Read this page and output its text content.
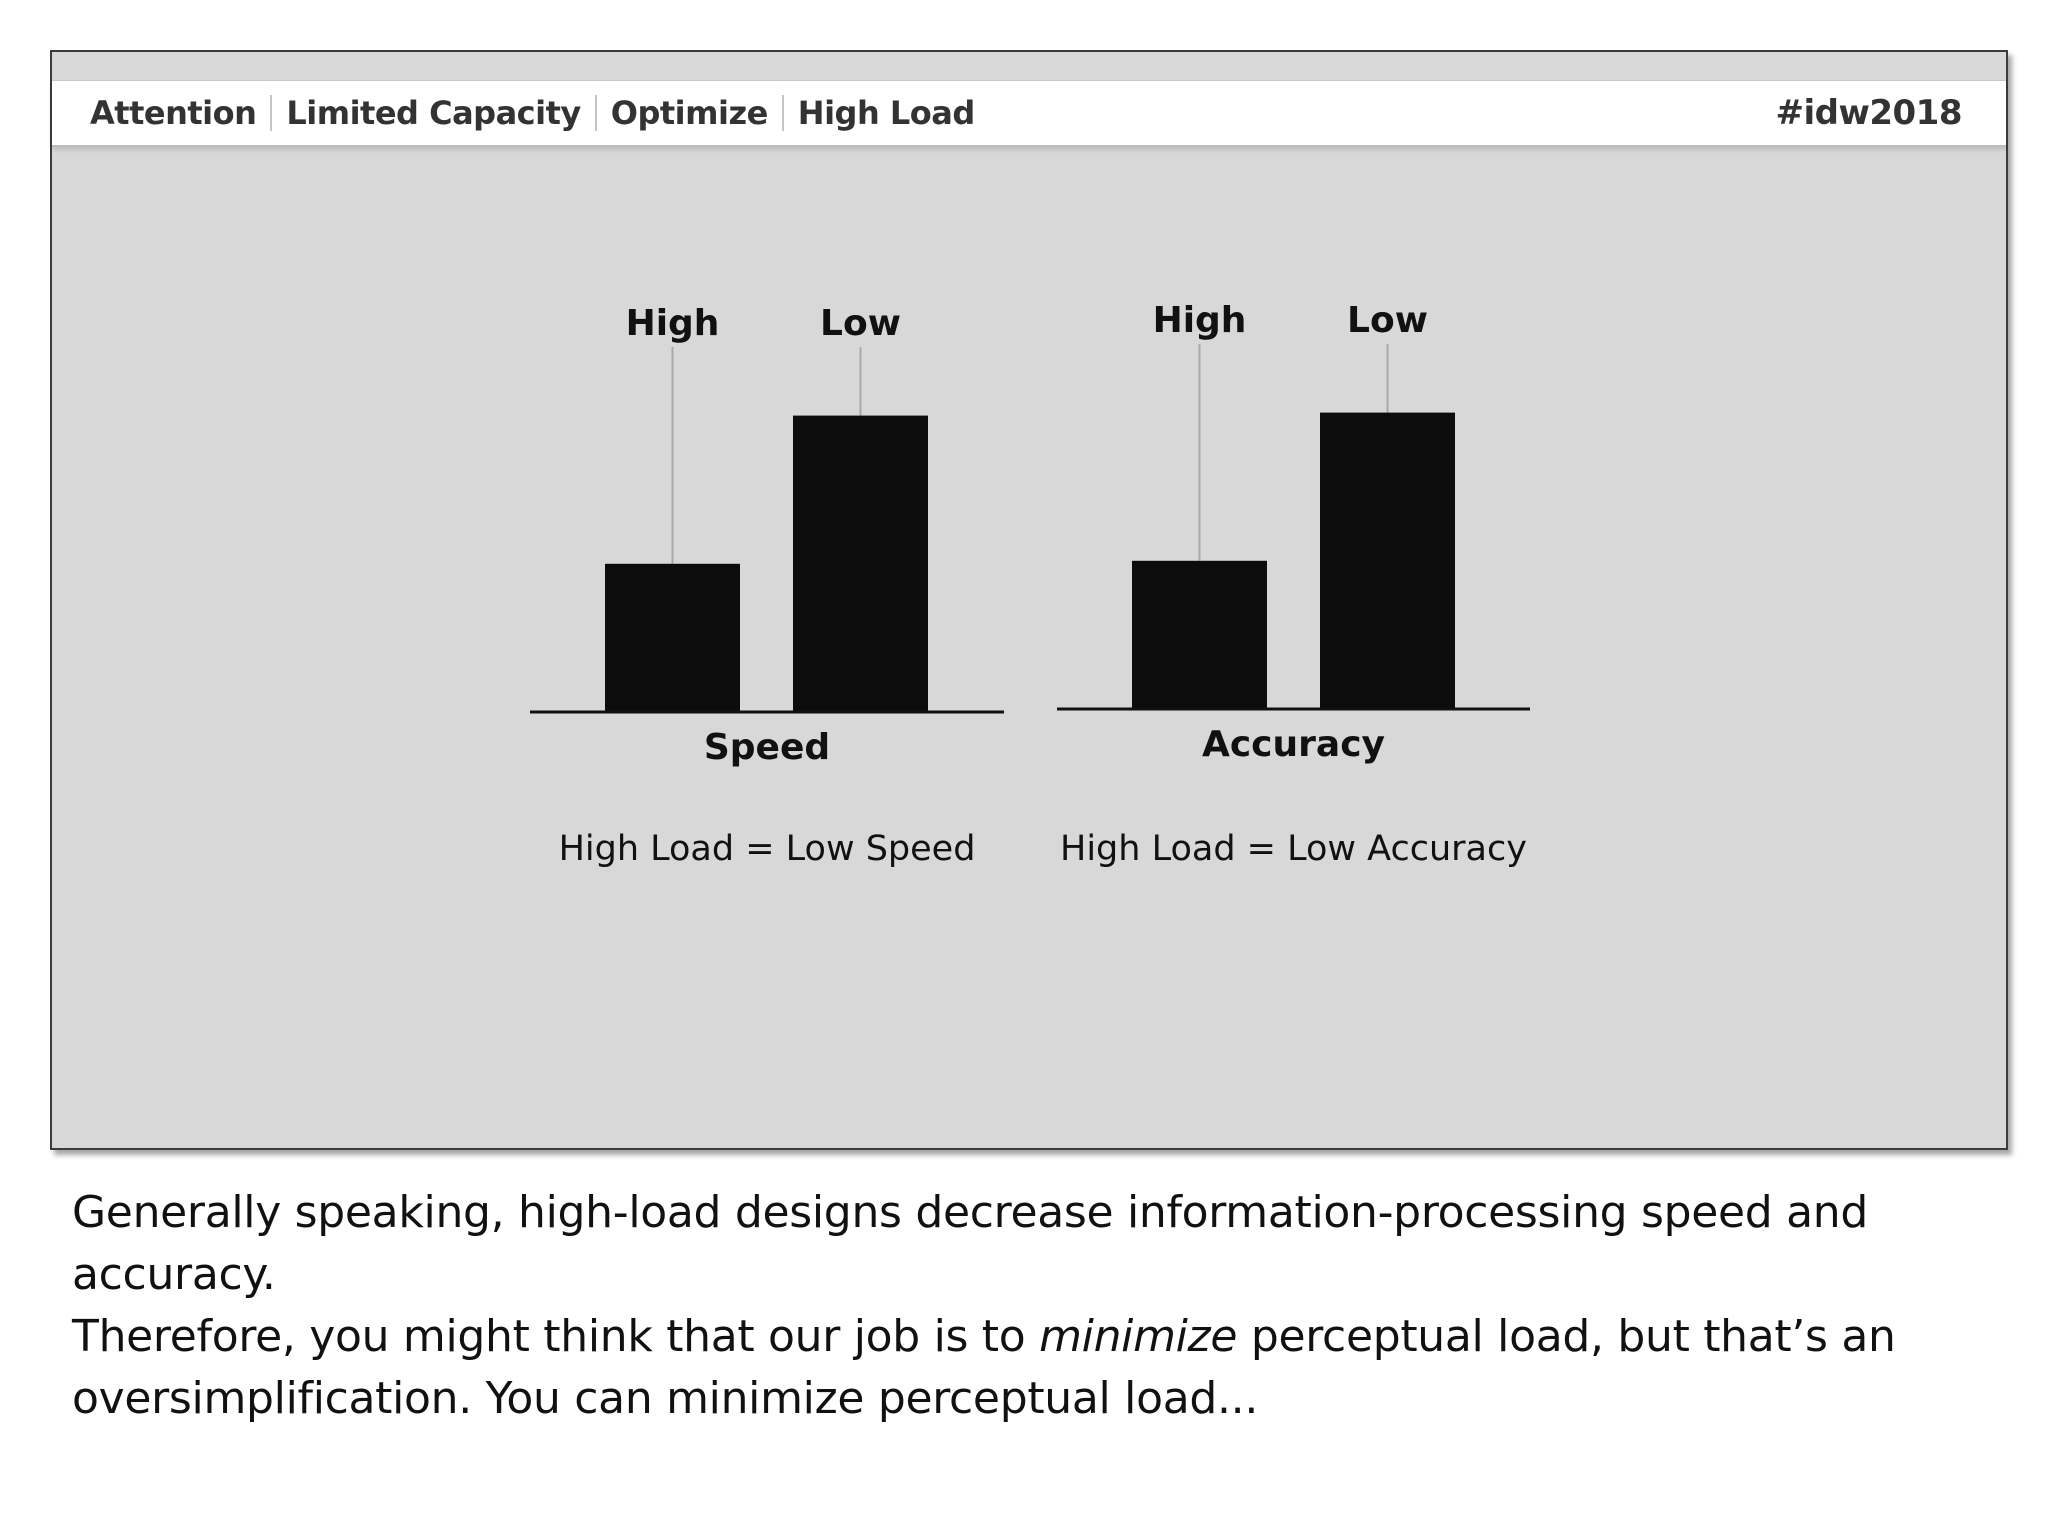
Attention Limited Capacity Optimize High Load	#idw2018
High	Low
Speed
High Load = Low Speed
High	Low
Accuracy
High Load = Low Accuracy
Generally speaking, high-load designs decrease information-processing speed and accuracy.
Therefore, you might think that our job is to minimize perceptual load, but that’s an
oversimplification. You can minimize perceptual load...
